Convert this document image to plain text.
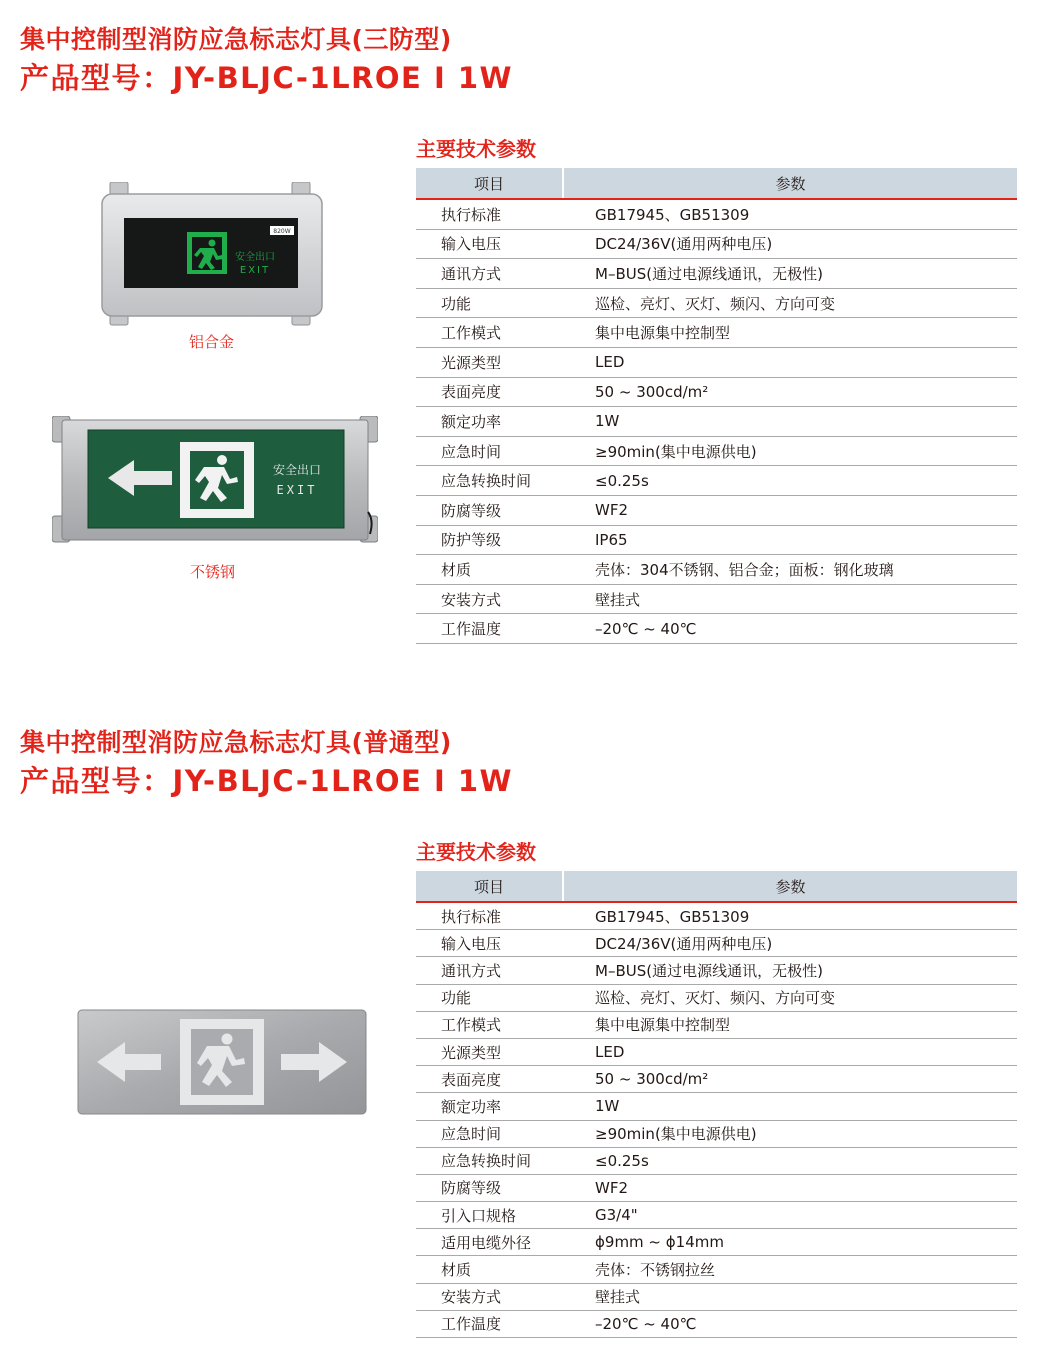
集中控制型消防应急标志灯具(三防型)
产品型号：JY-BLJC-1LROE I 1W
主要技术参数
项目	参数
执行标准	GB17945、GB51309
输入电压	DC24/36V(通用两种电压)
通讯方式	M–BUS(通过电源线通讯，无极性)
功能	巡检、亮灯、灭灯、频闪、方向可变
工作模式	集中电源集中控制型
光源类型	LED
表面亮度	50 ~ 300cd/m²
额定功率	1W
应急时间	≥90min(集中电源供电)
应急转换时间	≤0.25s
防腐等级	WF2
防护等级	IP65
材质	壳体：304不锈钢、铝合金；面板：钢化玻璃
安装方式	壁挂式
工作温度	–20℃ ~ 40℃
820W
安全出口
EXIT
铝合金
安全出口
EXIT
不锈钢
集中控制型消防应急标志灯具(普通型)
产品型号：JY-BLJC-1LROE I 1W
主要技术参数
项目	参数
执行标准	GB17945、GB51309
输入电压	DC24/36V(通用两种电压)
通讯方式	M–BUS(通过电源线通讯，无极性)
功能	巡检、亮灯、灭灯、频闪、方向可变
工作模式	集中电源集中控制型
光源类型	LED
表面亮度	50 ~ 300cd/m²
额定功率	1W
应急时间	≥90min(集中电源供电)
应急转换时间	≤0.25s
防腐等级	WF2
引入口规格	G3/4"
适用电缆外径	ϕ9mm ~ ϕ14mm
材质	壳体：不锈钢拉丝
安装方式	壁挂式
工作温度	–20℃ ~ 40℃
